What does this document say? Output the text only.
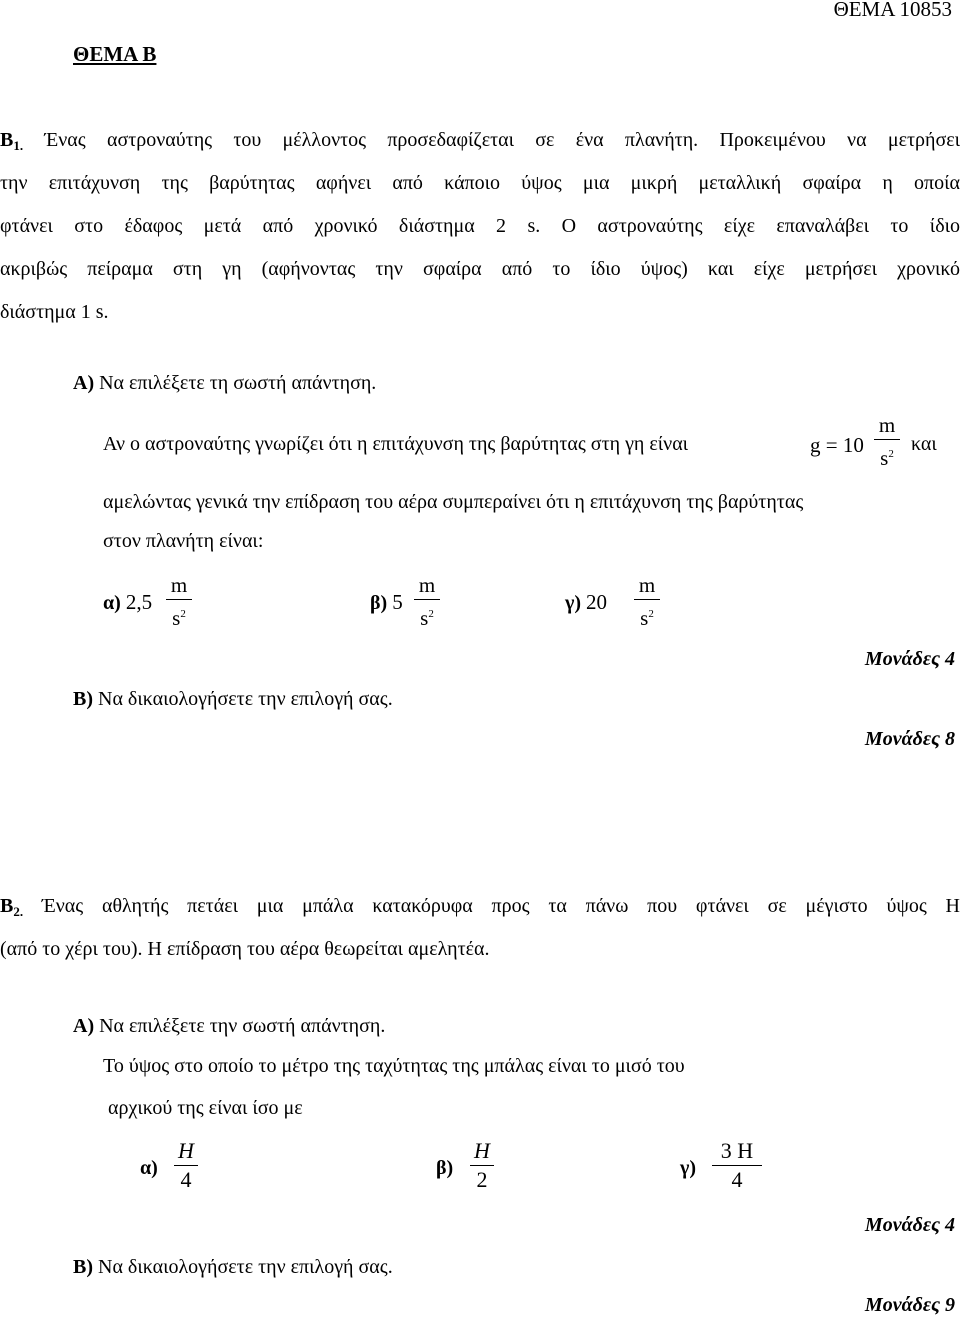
ΘΕΜΑ 10853
ΘΕΜΑ Β
$B_{1.}$ Ένας αστροναύτης του μέλλοντος προσεδαφίζεται σε ένα πλανήτη. Προκειμένου να μετρήσει
την επιτάχυνση της βαρύτητας αφήνει από κάποιο ύψος μια μικρή μεταλλική σφαίρα η οποία
φτάνει στο έδαφος μετά από χρονικό διάστημα 2 s. Ο αστροναύτης είχε επαναλάβει το ίδιο
ακριβώς πείραμα στη γη (αφήνοντας την σφαίρα από το ίδιο ύψος) και είχε μετρήσει χρονικό
διάστημα 1 s.
Α) Να επιλέξετε τη σωστή απάντηση.
Αν ο αστροναύτης γνωρίζει ότι η επιτάχυνση της βαρύτητας στη γη είναι	g = 10
m
$s^2$ και
αμελώντας γενικά την επίδραση του αέρα συμπεραίνει ότι η επιτάχυνση της βαρύτητας
στον πλανήτη είναι:
α) 2,5
m
$s^2$	β) 5
m
$s^2$	γ) 20
m
$s^2$
Μονάδες 4
Β) Να δικαιολογήσετε την επιλογή σας.
Μονάδες 8
$B_{2.}$ Ένας αθλητής πετάει μια μπάλα κατακόρυφα προς τα πάνω που φτάνει σε μέγιστο ύψος Η
(από το χέρι του). Η επίδραση του αέρα θεωρείται αμελητέα.
Α) Να επιλέξετε την σωστή απάντηση.
Το ύψος στο οποίο το μέτρο της ταχύτητας της μπάλας είναι το μισό του
αρχικού της είναι ίσο με
α)
H
4	β)
H
2	γ)
3 H
4
Μονάδες 4
Β) Να δικαιολογήσετε την επιλογή σας.
Μονάδες 9
